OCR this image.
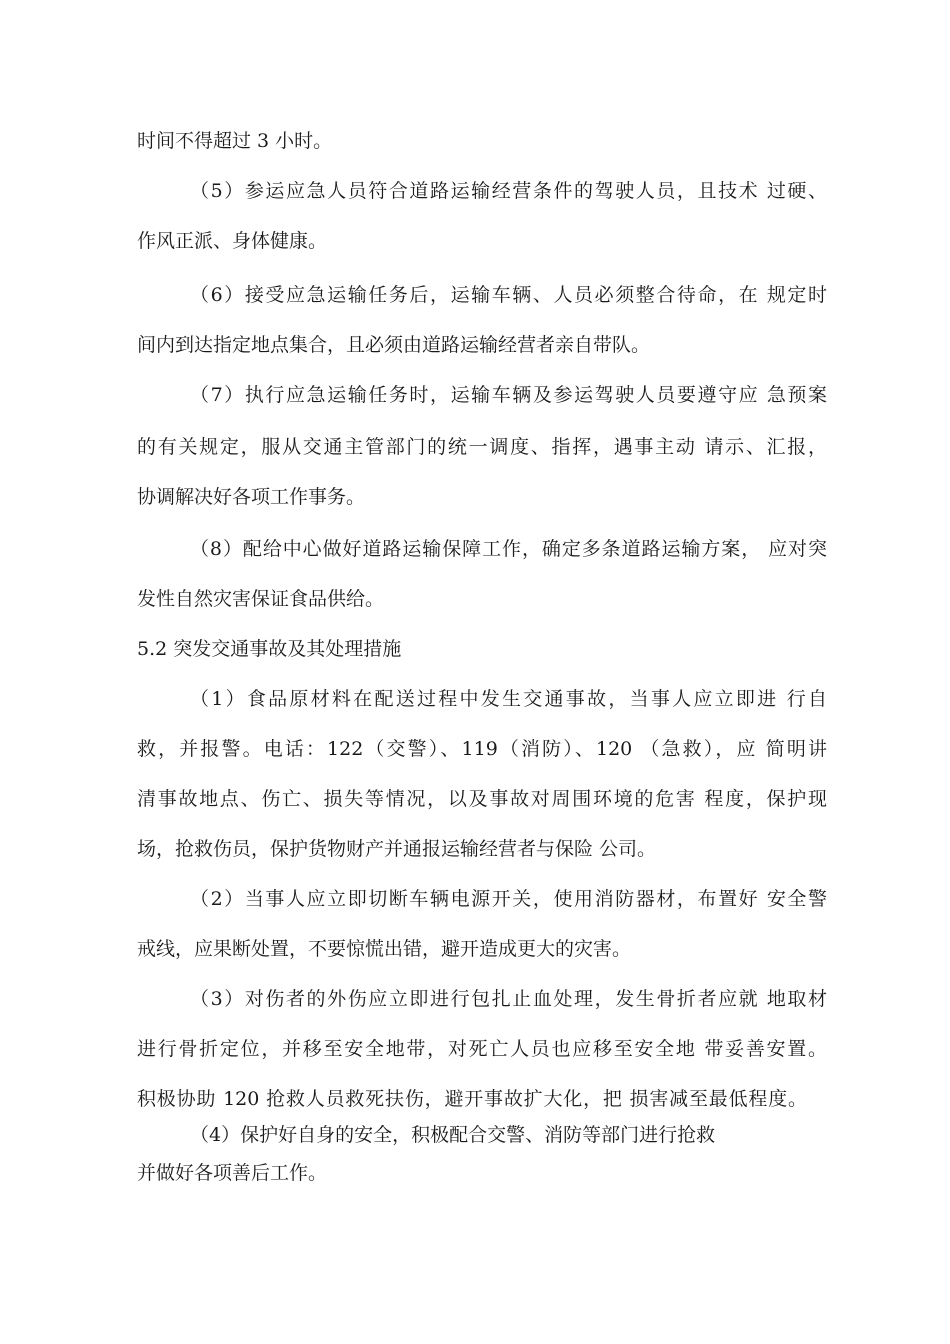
时间不得超过 3 小时。

（5）参运应急人员符合道路运输经营条件的驾驶人员，且技术 过硬、

作风正派、身体健康。

（6）接受应急运输任务后，运输车辆、人员必须整合待命，在 规定时

间内到达指定地点集合，且必须由道路运输经营者亲自带队。

（7）执行应急运输任务时，运输车辆及参运驾驶人员要遵守应 急预案

的有关规定，服从交通主管部门的统一调度、指挥，遇事主动 请示、汇报，

协调解决好各项工作事务。

（8）配给中心做好道路运输保障工作，确定多条道路运输方案， 应对突

发性自然灾害保证食品供给。

5.2 突发交通事故及其处理措施

（1）食品原材料在配送过程中发生交通事故，当事人应立即进 行自

救，并报警。电话：122（交警）、119（消防）、120 （急救），应 简明讲

清事故地点、伤亡、损失等情况，以及事故对周围环境的危害 程度，保护现

场，抢救伤员，保护货物财产并通报运输经营者与保险 公司。

（2）当事人应立即切断车辆电源开关，使用消防器材，布置好 安全警

戒线，应果断处置，不要惊慌出错，避开造成更大的灾害。

（3）对伤者的外伤应立即进行包扎止血处理，发生骨折者应就 地取材

进行骨折定位，并移至安全地带，对死亡人员也应移至安全地 带妥善安置。

积极协助 120 抢救人员救死扶伤，避开事故扩大化，把 损害减至最低程度。

（4）保护好自身的安全，积极配合交警、消防等部门进行抢救

并做好各项善后工作。
